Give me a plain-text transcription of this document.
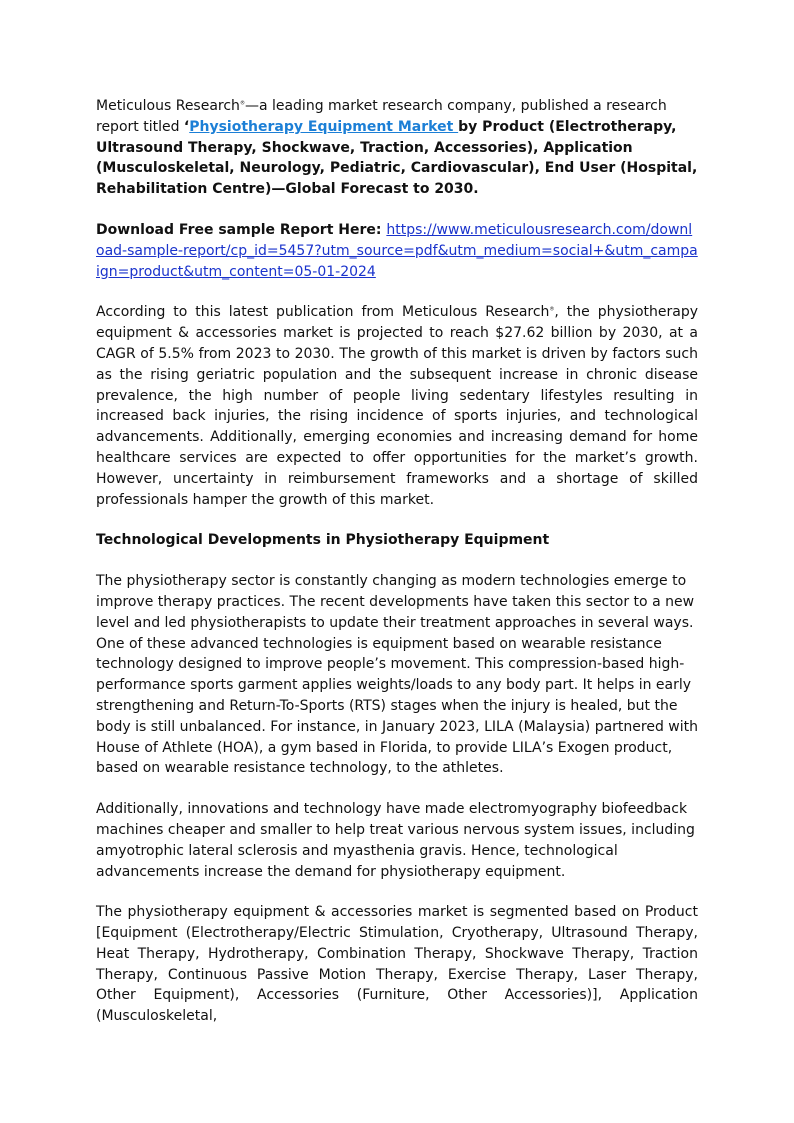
Meticulous Research®—a leading market research company, published a research report titled ‘Physiotherapy Equipment Market by Product (Electrotherapy, Ultrasound Therapy, Shockwave, Traction, Accessories), Application (Musculoskeletal, Neurology, Pediatric, Cardiovascular), End User (Hospital, Rehabilitation Centre)—Global Forecast to 2030.

Download Free sample Report Here: https://www.meticulousresearch.com/download-sample-report/cp_id=5457?utm_source=pdf&utm_medium=social+&utm_campaign=product&utm_content=05-01-2024

According to this latest publication from Meticulous Research®, the physiotherapy equipment & accessories market is projected to reach $27.62 billion by 2030, at a CAGR of 5.5% from 2023 to 2030. The growth of this market is driven by factors such as the rising geriatric population and the subsequent increase in chronic disease prevalence, the high number of people living sedentary lifestyles resulting in increased back injuries, the rising incidence of sports injuries, and technological advancements. Additionally, emerging economies and increasing demand for home healthcare services are expected to offer opportunities for the market’s growth. However, uncertainty in reimbursement frameworks and a shortage of skilled professionals hamper the growth of this market.

Technological Developments in Physiotherapy Equipment

The physiotherapy sector is constantly changing as modern technologies emerge to improve therapy practices. The recent developments have taken this sector to a new level and led physiotherapists to update their treatment approaches in several ways. One of these advanced technologies is equipment based on wearable resistance technology designed to improve people’s movement. This compression-based high-performance sports garment applies weights/loads to any body part. It helps in early strengthening and Return-To-Sports (RTS) stages when the injury is healed, but the body is still unbalanced. For instance, in January 2023, LILA (Malaysia) partnered with House of Athlete (HOA), a gym based in Florida, to provide LILA’s Exogen product, based on wearable resistance technology, to the athletes.

Additionally, innovations and technology have made electromyography biofeedback machines cheaper and smaller to help treat various nervous system issues, including amyotrophic lateral sclerosis and myasthenia gravis. Hence, technological advancements increase the demand for physiotherapy equipment.

The physiotherapy equipment & accessories market is segmented based on Product [Equipment (Electrotherapy/Electric Stimulation, Cryotherapy, Ultrasound Therapy, Heat Therapy, Hydrotherapy, Combination Therapy, Shockwave Therapy, Traction Therapy, Continuous Passive Motion Therapy, Exercise Therapy, Laser Therapy, Other Equipment), Accessories (Furniture, Other Accessories)], Application (Musculoskeletal,
